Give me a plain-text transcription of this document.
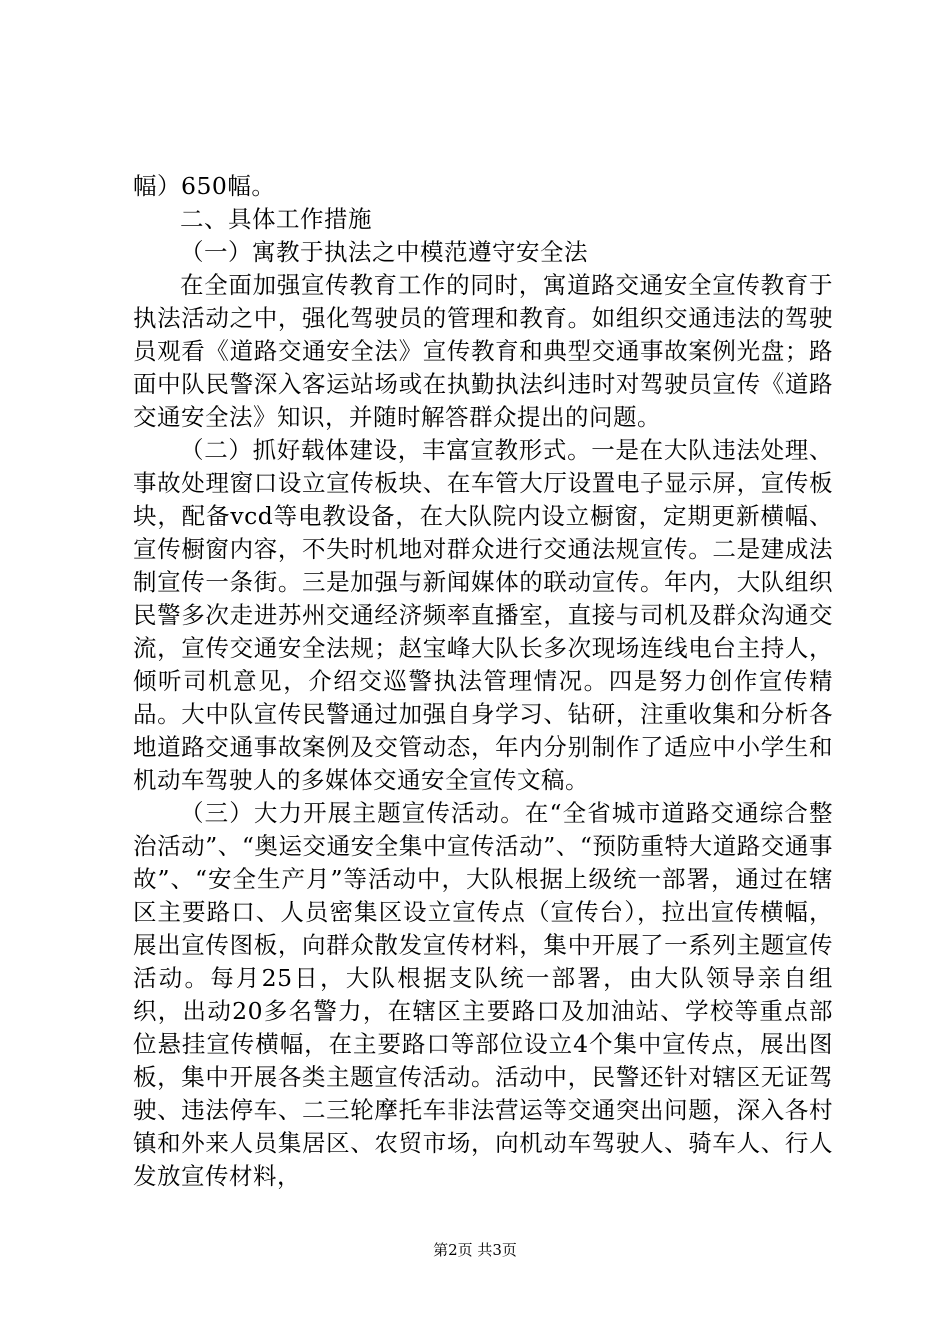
幅）650幅。

二、具体工作措施

（一）寓教于执法之中模范遵守安全法

在全面加强宣传教育工作的同时，寓道路交通安全宣传教育于执法活动之中，强化驾驶员的管理和教育。如组织交通违法的驾驶员观看《道路交通安全法》宣传教育和典型交通事故案例光盘；路面中队民警深入客运站场或在执勤执法纠违时对驾驶员宣传《道路交通安全法》知识，并随时解答群众提出的问题。

（二）抓好载体建设，丰富宣教形式。一是在大队违法处理、事故处理窗口设立宣传板块、在车管大厅设置电子显示屏，宣传板块，配备vcd等电教设备，在大队院内设立橱窗，定期更新横幅、宣传橱窗内容，不失时机地对群众进行交通法规宣传。二是建成法制宣传一条街。三是加强与新闻媒体的联动宣传。年内，大队组织民警多次走进苏州交通经济频率直播室，直接与司机及群众沟通交流，宣传交通安全法规；赵宝峰大队长多次现场连线电台主持人，倾听司机意见，介绍交巡警执法管理情况。四是努力创作宣传精品。大中队宣传民警通过加强自身学习、钻研，注重收集和分析各地道路交通事故案例及交管动态，年内分别制作了适应中小学生和机动车驾驶人的多媒体交通安全宣传文稿。

（三）大力开展主题宣传活动。在“全省城市道路交通综合整治活动”、“奥运交通安全集中宣传活动”、“预防重特大道路交通事故”、“安全生产月”等活动中，大队根据上级统一部署，通过在辖区主要路口、人员密集区设立宣传点（宣传台），拉出宣传横幅，展出宣传图板，向群众散发宣传材料，集中开展了一系列主题宣传活动。每月25日，大队根据支队统一部署，由大队领导亲自组织，出动20多名警力，在辖区主要路口及加油站、学校等重点部位悬挂宣传横幅，在主要路口等部位设立4个集中宣传点，展出图板，集中开展各类主题宣传活动。活动中，民警还针对辖区无证驾驶、违法停车、二三轮摩托车非法营运等交通突出问题，深入各村镇和外来人员集居区、农贸市场，向机动车驾驶人、骑车人、行人发放宣传材料，

第2页 共3页
